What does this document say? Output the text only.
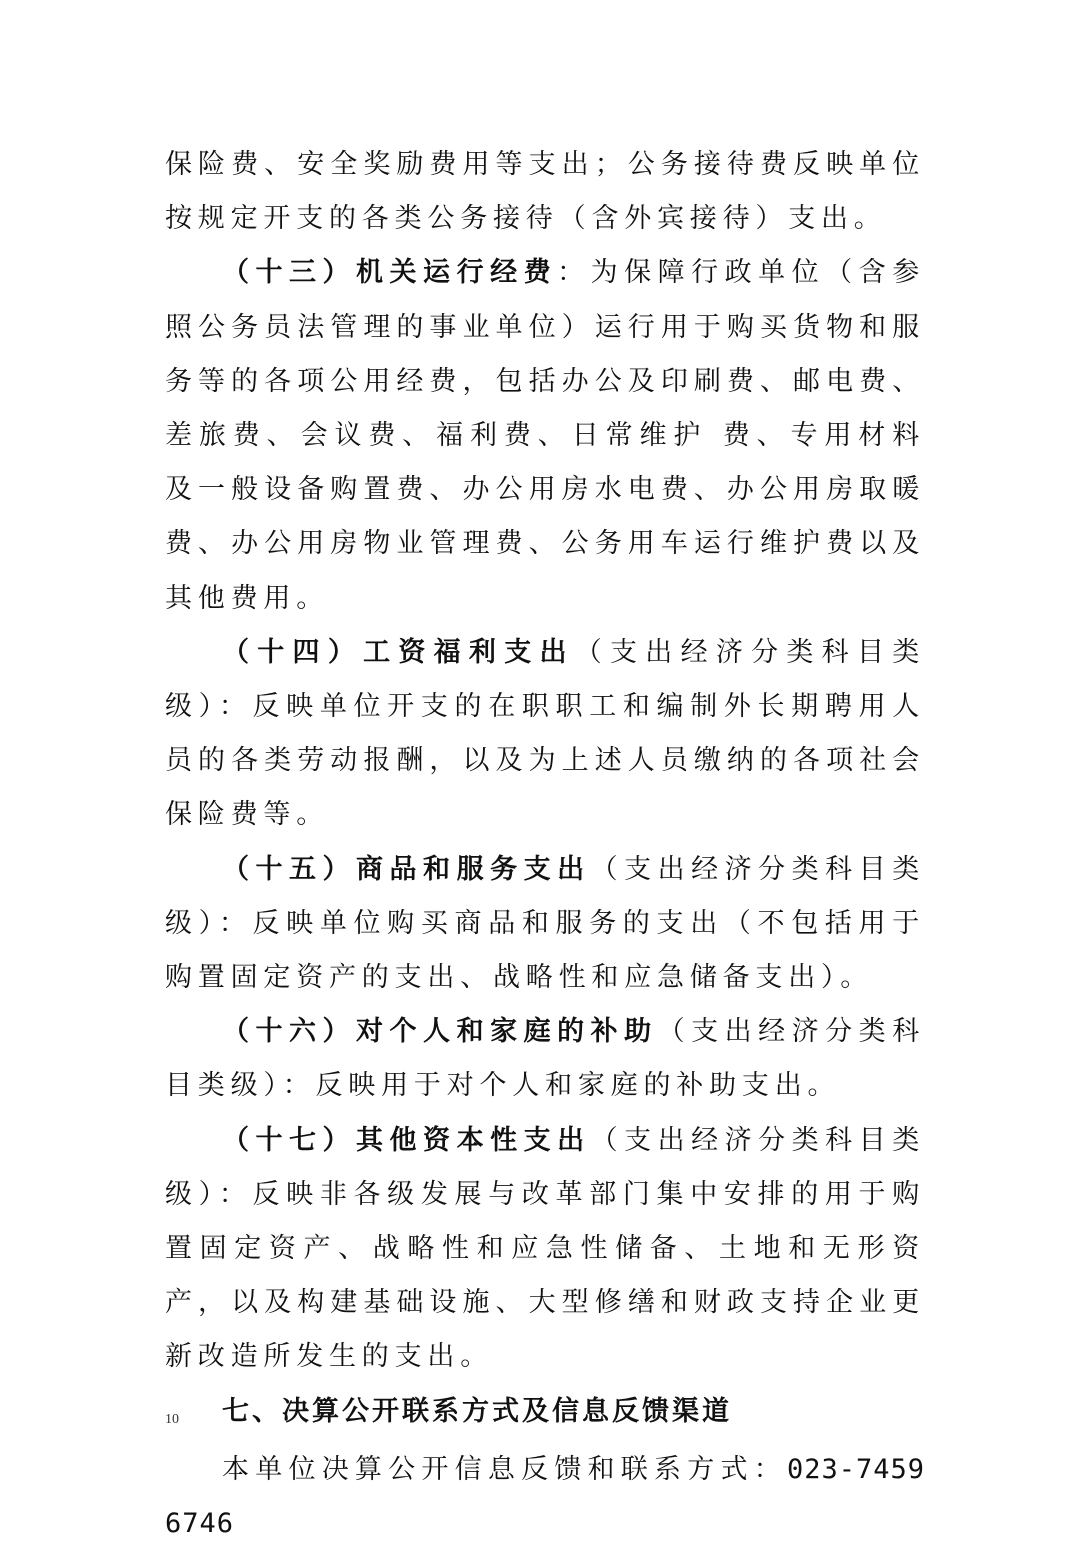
保险费、安全奖励费用等支出；公务接待费反映单位按规定开支的各类公务接待（含外宾接待）支出。

（十三）机关运行经费：为保障行政单位（含参照公务员法管理的事业单位）运行用于购买货物和服务等的各项公用经费，包括办公及印刷费、邮电费、差旅费、会议费、福利费、日常维护 费、专用材料及一般设备购置费、办公用房水电费、办公用房取暖费、办公用房物业管理费、公务用车运行维护费以及其他费用。

（十四）工资福利支出（支出经济分类科目类级）：反映单位开支的在职职工和编制外长期聘用人员的各类劳动报酬，以及为上述人员缴纳的各项社会保险费等。

（十五）商品和服务支出（支出经济分类科目类级）：反映单位购买商品和服务的支出（不包括用于购置固定资产的支出、战略性和应急储备支出）。

（十六）对个人和家庭的补助（支出经济分类科目类级）：反映用于对个人和家庭的补助支出。

（十七）其他资本性支出（支出经济分类科目类级）：反映非各级发展与改革部门集中安排的用于购置固定资产、战略性和应急性储备、土地和无形资产，以及构建基础设施、大型修缮和财政支持企业更新改造所发生的支出。

七、决算公开联系方式及信息反馈渠道

本单位决算公开信息反馈和联系方式：023-74596746

10
